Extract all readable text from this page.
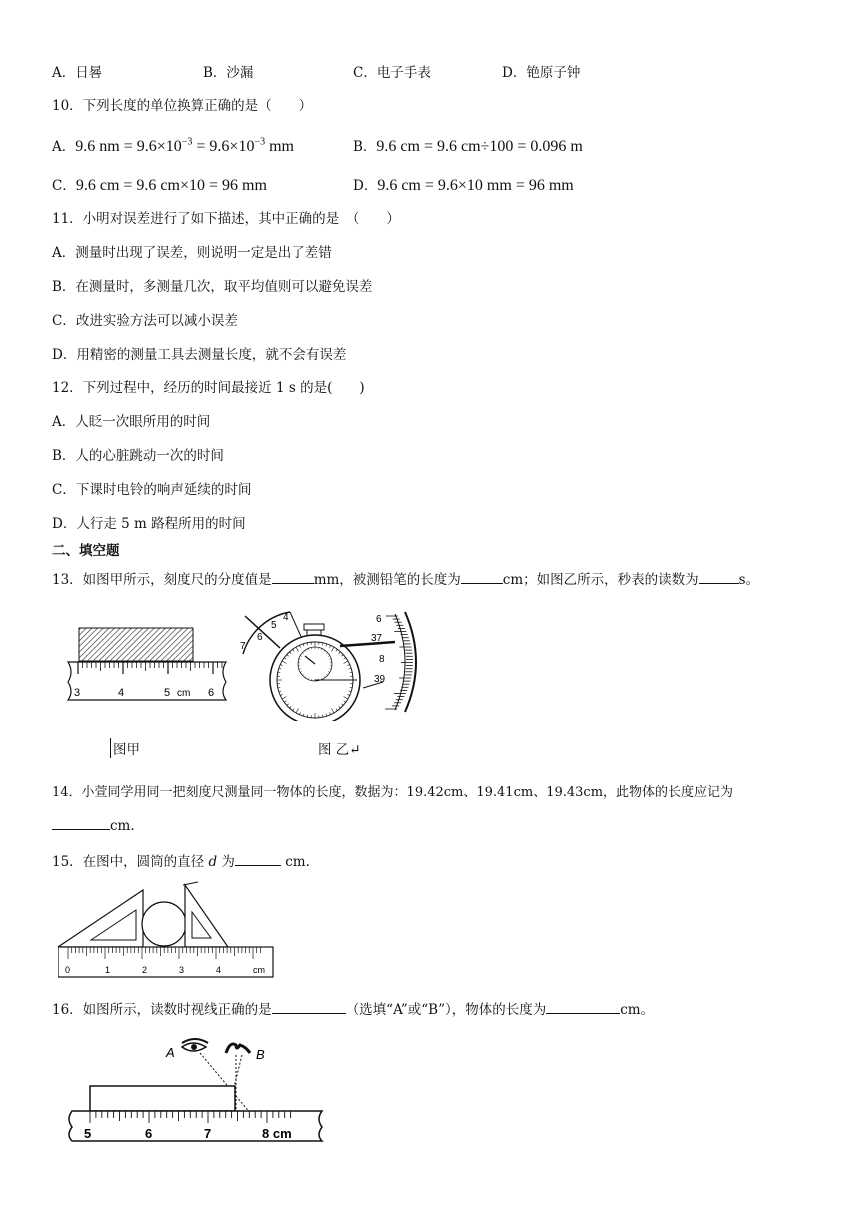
A．日晷	B．沙漏	C．电子手表	D．铯原子钟
10．下列长度的单位换算正确的是（　　）
A．9.6 nm = $9.6\times 10^{-3} = 9.6\times 10^{-3}$ mm	B．9.6 cm = 9.6 cm÷100 = 0.096 m
C．9.6 cm = 9.6 cm×10 = 96 mm	D．9.6 cm = 9.6×10 mm = 96 mm
11．小明对误差进行了如下描述，其中正确的是　（　　）
A．测量时出现了误差，则说明一定是出了差错
B．在测量时，多测量几次，取平均值则可以避免误差
C．改进实验方法可以减小误差
D．用精密的测量工具去测量长度，就不会有误差
12．下列过程中，经历的时间最接近 1 s 的是(　　)
A．人眨一次眼所用的时间
B．人的心脏跳动一次的时间
C．下课时电铃的响声延续的时间
D．人行走 5 m 路程所用的时间
二、填空题
13．如图甲所示，刻度尺的分度值是	mm，被测铅笔的长度为	cm；如图乙所示，秒表的读数为	s。
3	4	5 cm 6
4
5
6
7
6
37
8
39
图甲	图 乙↵
14．小萱同学用同一把刻度尺测量同一物体的长度，数据为：19.42cm、19.41cm、19.43cm，此物体的长度应记为
cm.
15．在图中，圆筒的直径 d 为	cm.
0	1	2	3	4	cm
16．如图所示，读数时视线正确的是	（选填“A”或“B”），物体的长度为	cm。
A	B
5	6	7	8 cm
